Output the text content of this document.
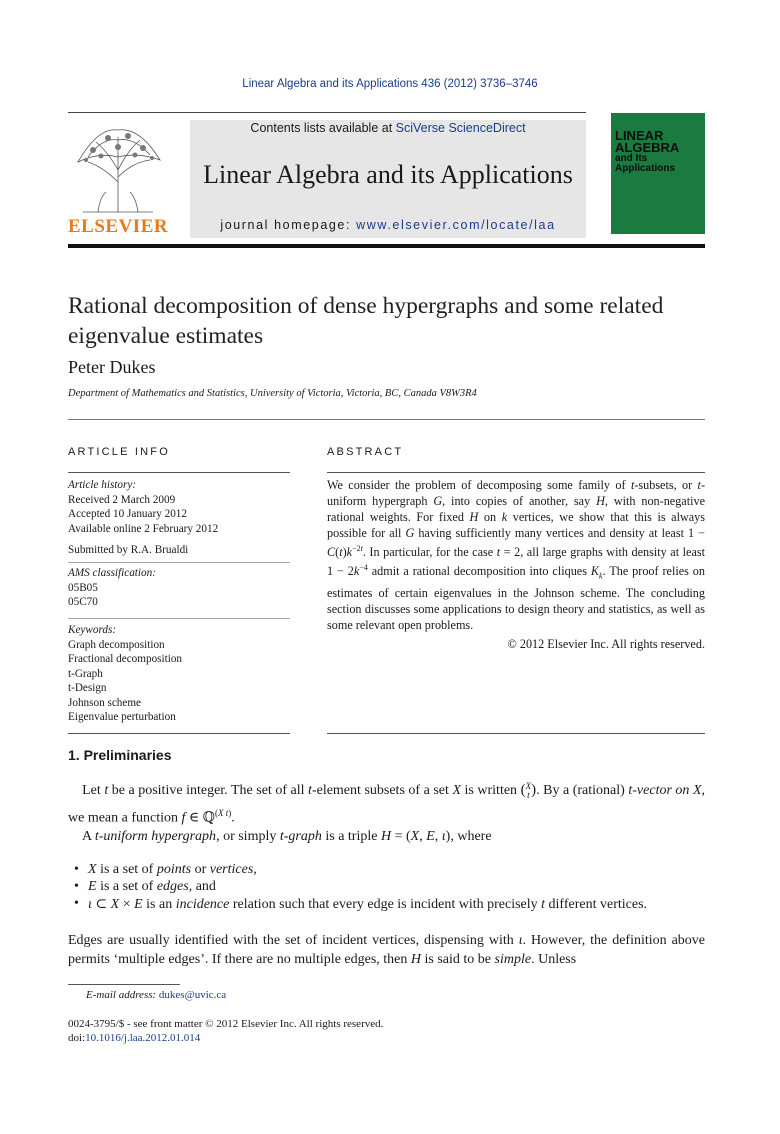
Linear Algebra and its Applications 436 (2012) 3736–3746
ELSEVIER
Contents lists available at SciVerse ScienceDirect
Linear Algebra and its Applications
journal homepage: www.elsevier.com/locate/laa
LINEAR
ALGEBRA
and Its
Applications
Rational decomposition of dense hypergraphs and some related eigenvalue estimates
Peter Dukes
Department of Mathematics and Statistics, University of Victoria, Victoria, BC, Canada V8W3R4
ARTICLE INFO	ABSTRACT
Article history:
Received 2 March 2009
Accepted 10 January 2012
Available online 2 February 2012
Submitted by R.A. Brualdi
AMS classification:
05B05
05C70
Keywords:
Graph decomposition
Fractional decomposition
t-Graph
t-Design
Johnson scheme
Eigenvalue perturbation
We consider the problem of decomposing some family of t-subsets, or t-uniform hypergraph G, into copies of another, say H, with non-negative rational weights. For fixed H on k vertices, we show that this is always possible for all G having sufficiently many vertices and density at least $1 - C(t)k^{-2t}$. In particular, for the case t = 2, all large graphs with density at least $1 - 2k^{-4}$ admit a rational decomposition into cliques $K_k$. The proof relies on estimates of certain eigenvalues in the Johnson scheme. The concluding section discusses some applications to design theory and statistics, as well as some relevant open problems.
© 2012 Elsevier Inc. All rights reserved.
1. Preliminaries
Let t be a positive integer. The set of all t-element subsets of a set X is written (X
t ). By a (rational) t-vector on X, we mean a function f ∈ ℚ$^{(X t)}$.
A t-uniform hypergraph, or simply t-graph is a triple H = (X, E, ι), where
• X is a set of points or vertices,
• E is a set of edges, and
• ι ⊂ X × E is an incidence relation such that every edge is incident with precisely t different vertices.
Edges are usually identified with the set of incident vertices, dispensing with ι. However, the definition above permits ‘multiple edges’. If there are no multiple edges, then H is said to be simple. Unless
E-mail address: dukes@uvic.ca
0024-3795/$ - see front matter © 2012 Elsevier Inc. All rights reserved.
doi:10.1016/j.laa.2012.01.014
